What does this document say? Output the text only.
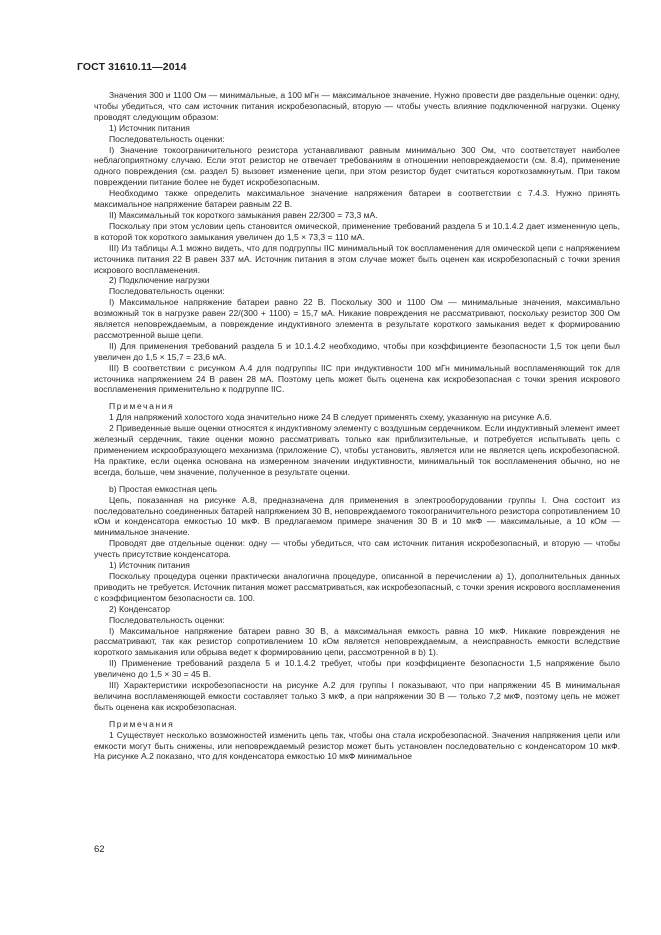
ГОСТ 31610.11—2014

Значения 300 и 1100 Ом — минимальные, а 100 мГн — максимальное значение. Нужно провести две раздельные оценки: одну, чтобы убедиться, что сам источник питания искробезопасный, вторую — чтобы учесть влияние подключенной нагрузки. Оценку проводят следующим образом:

1) Источник питания

Последовательность оценки:

I) Значение токоограничительного резистора устанавливают равным минимально 300 Ом, что соответствует наиболее неблагоприятному случаю. Если этот резистор не отвечает требованиям в отношении неповреждаемости (см. 8.4), применение одного повреждения (см. раздел 5) вызовет изменение цепи, при этом резистор будет считаться короткозамкнутым. При таком повреждении питание более не будет искробезопасным.

Необходимо также определить максимальное значение напряжения батареи в соответствии с 7.4.3. Нужно принять максимальное напряжение батареи равным 22 В.

II) Максимальный ток короткого замыкания равен 22/300 = 73,3 мА.

Поскольку при этом условии цепь становится омической, применение требований раздела 5 и 10.1.4.2 дает измененную цепь, в которой ток короткого замыкания увеличен до 1,5 × 73,3 = 110 мА.

III) Из таблицы А.1 можно видеть, что для подгруппы IIС минимальный ток воспламенения для омической цепи с напряжением источника питания 22 В равен 337 мА. Источник питания в этом случае может быть оценен как искробезопасный с точки зрения искрового воспламенения.

2) Подключение нагрузки

Последовательность оценки:

I) Максимальное напряжение батареи равно 22 В. Поскольку 300 и 1100 Ом — минимальные значения, максимально возможный ток в нагрузке равен 22/(300 + 1100) = 15,7 мА. Никакие повреждения не рассматривают, поскольку резистор 300 Ом является неповреждаемым, а повреждение индуктивного элемента в результате короткого замыкания ведет к формированию рассмотренной выше цепи.

II) Для применения требований раздела 5 и 10.1.4.2 необходимо, чтобы при коэффициенте безопасности 1,5 ток цепи был увеличен до 1,5 × 15,7 = 23,6 мА.

III) В соответствии с рисунком А.4 для подгруппы IIС при индуктивности 100 мГн минимальный воспламеняющий ток для источника напряжением 24 В равен 28 мА. Поэтому цепь может быть оценена как искробезопасная с точки зрения искрового воспламенения применительно к подгруппе IIС.

Примечания

1 Для напряжений холостого хода значительно ниже 24 В следует применять схему, указанную на рисунке А.6.

2 Приведенные выше оценки относятся к индуктивному элементу с воздушным сердечником. Если индуктивный элемент имеет железный сердечник, такие оценки можно рассматривать только как приблизительные, и потребуется испытывать цепь с применением искрообразующего механизма (приложение С), чтобы установить, является или не является цепь искробезопасной. На практике, если оценка основана на измеренном значении индуктивности, минимальный ток воспламенения обычно, но не всегда, больше, чем значение, полученное в результате оценки.

b) Простая емкостная цепь

Цепь, показанная на рисунке А.8, предназначена для применения в электрооборудовании группы I. Она состоит из последовательно соединенных батарей напряжением 30 В, неповреждаемого токоограничительного резистора сопротивлением 10 кОм и конденсатора емкостью 10 мкФ. В предлагаемом примере значения 30 В и 10 мкФ — максимальные, а 10 кОм — минимальное значение.

Проводят две отдельные оценки: одну — чтобы убедиться, что сам источник питания искробезопасный, и вторую — чтобы учесть присутствие конденсатора.

1) Источник питания

Поскольку процедура оценки практически аналогична процедуре, описанной в перечислении а) 1), дополнительных данных приводить не требуется. Источник питания может рассматриваться, как искробезопасный, с точки зрения искрового воспламенения с коэффициентом безопасности св. 100.

2) Конденсатор

Последовательность оценки:

I) Максимальное напряжение батареи равно 30 В, а максимальная емкость равна 10 мкФ. Никакие повреждения не рассматривают, так как резистор сопротивлением 10 кОм является неповреждаемым, а неисправность емкости вследствие короткого замыкания или обрыва ведет к формированию цепи, рассмотренной в b) 1).

II) Применение требований раздела 5 и 10.1.4.2 требует, чтобы при коэффициенте безопасности 1,5 напряжение было увеличено до 1,5 × 30 = 45 В.

III) Характеристики искробезопасности на рисунке А.2 для группы I показывают, что при напряжении 45 В минимальная величина воспламеняющей емкости составляет только 3 мкФ, а при напряжении 30 В — только 7,2 мкФ, поэтому цепь не может быть оценена как искробезопасная.

Примечания

1 Существует несколько возможностей изменить цепь так, чтобы она стала искробезопасной. Значения напряжения цепи или емкости могут быть снижены, или неповреждаемый резистор может быть установлен последовательно с конденсатором 10 мкФ. На рисунке А.2 показано, что для конденсатора емкостью 10 мкФ минимальное

62
